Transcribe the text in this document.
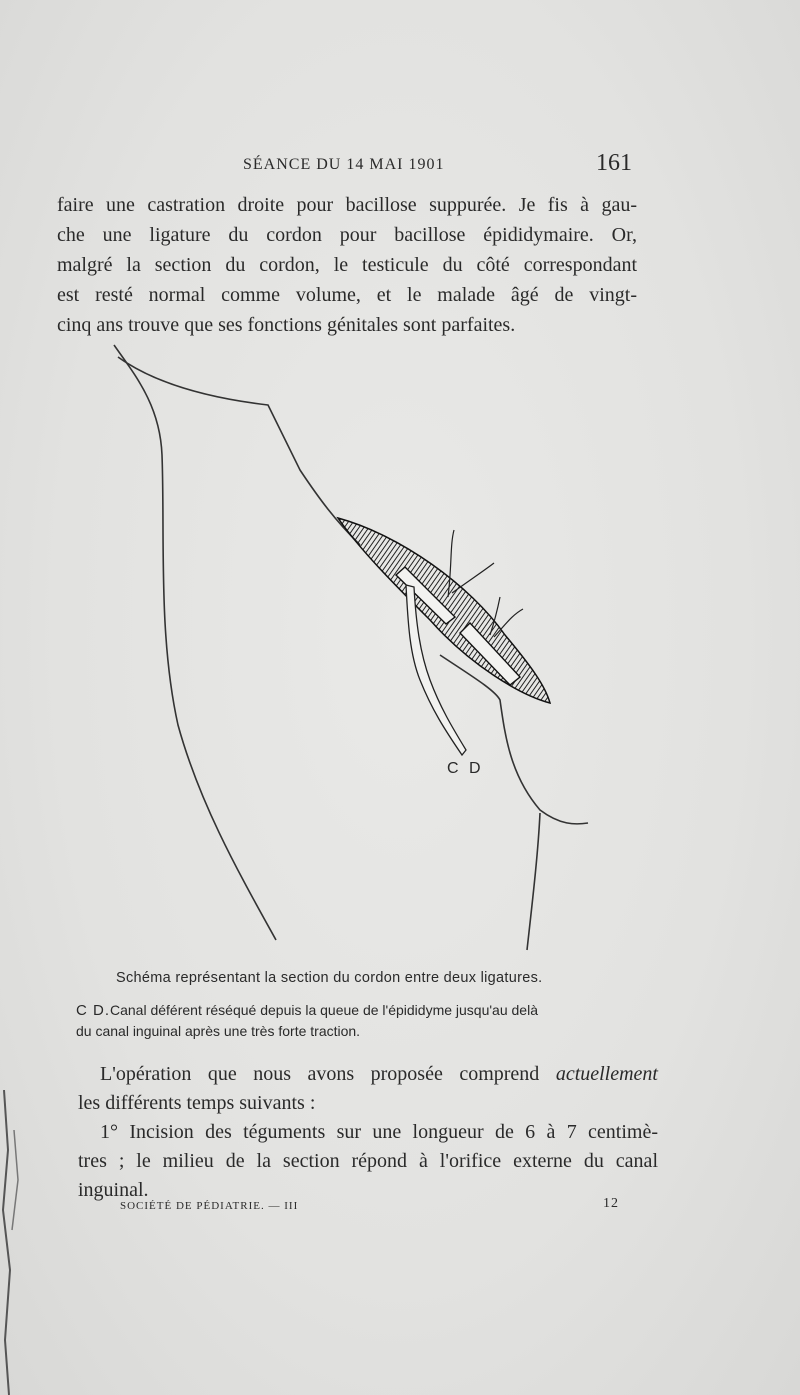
SÉANCE DU 14 MAI 1901	161
faire une castration droite pour bacillose suppurée. Je fis à gau-
che une ligature du cordon pour bacillose épididymaire. Or,
malgré la section du cordon, le testicule du côté correspondant
est resté normal comme volume, et le malade âgé de vingt-
cinq ans trouve que ses fonctions génitales sont parfaites.
C D
Schéma représentant la section du cordon entre deux ligatures.
C D.Canal déférent réséqué depuis la queue de l'épididyme jusqu'au delà
du canal inguinal après une très forte traction.
L'opération que nous avons proposée comprend actuellement
les différents temps suivants :
1° Incision des téguments sur une longueur de 6 à 7 centimè-
tres ; le milieu de la section répond à l'orifice externe du canal
inguinal.
SOCIÉTÉ DE PÉDIATRIE. — III	12
